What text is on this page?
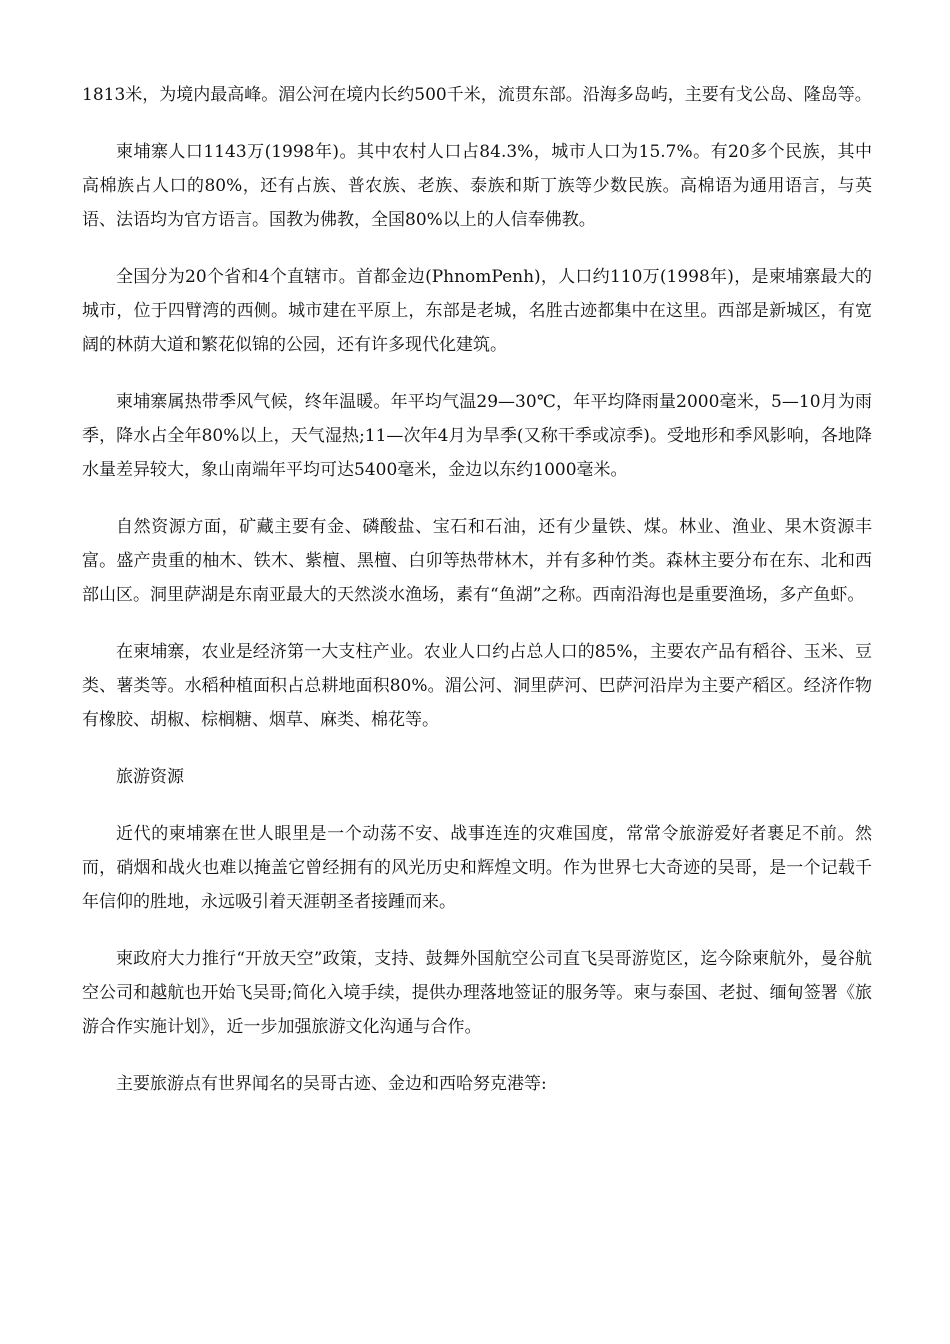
1813米，为境内最高峰。湄公河在境内长约500千米，流贯东部。沿海多岛屿，主要有戈公岛、隆岛等。

柬埔寨人口1143万(1998年)。其中农村人口占84.3%，城市人口为15.7%。有20多个民族，其中高棉族占人口的80%，还有占族、普农族、老族、泰族和斯丁族等少数民族。高棉语为通用语言，与英语、法语均为官方语言。国教为佛教，全国80%以上的人信奉佛教。

全国分为20个省和4个直辖市。首都金边(PhnomPenh)，人口约110万(1998年)，是柬埔寨最大的城市，位于四臂湾的西侧。城市建在平原上，东部是老城，名胜古迹都集中在这里。西部是新城区，有宽阔的林荫大道和繁花似锦的公园，还有许多现代化建筑。

柬埔寨属热带季风气候，终年温暖。年平均气温29—30℃，年平均降雨量2000毫米，5—10月为雨季，降水占全年80%以上，天气湿热;11—次年4月为旱季(又称干季或凉季)。受地形和季风影响，各地降水量差异较大，象山南端年平均可达5400毫米，金边以东约1000毫米。

自然资源方面，矿藏主要有金、磷酸盐、宝石和石油，还有少量铁、煤。林业、渔业、果木资源丰富。盛产贵重的柚木、铁木、紫檀、黑檀、白卯等热带林木，并有多种竹类。森林主要分布在东、北和西部山区。洞里萨湖是东南亚最大的天然淡水渔场，素有“鱼湖”之称。西南沿海也是重要渔场，多产鱼虾。

在柬埔寨，农业是经济第一大支柱产业。农业人口约占总人口的85%，主要农产品有稻谷、玉米、豆类、薯类等。水稻种植面积占总耕地面积80%。湄公河、洞里萨河、巴萨河沿岸为主要产稻区。经济作物有橡胶、胡椒、棕榈糖、烟草、麻类、棉花等。

旅游资源

近代的柬埔寨在世人眼里是一个动荡不安、战事连连的灾难国度，常常令旅游爱好者裹足不前。然而，硝烟和战火也难以掩盖它曾经拥有的风光历史和辉煌文明。作为世界七大奇迹的吴哥，是一个记载千年信仰的胜地，永远吸引着天涯朝圣者接踵而来。

柬政府大力推行“开放天空”政策，支持、鼓舞外国航空公司直飞吴哥游览区，迄今除柬航外，曼谷航空公司和越航也开始飞吴哥;简化入境手续，提供办理落地签证的服务等。柬与泰国、老挝、缅甸签署《旅游合作实施计划》，近一步加强旅游文化沟通与合作。

主要旅游点有世界闻名的吴哥古迹、金边和西哈努克港等:
